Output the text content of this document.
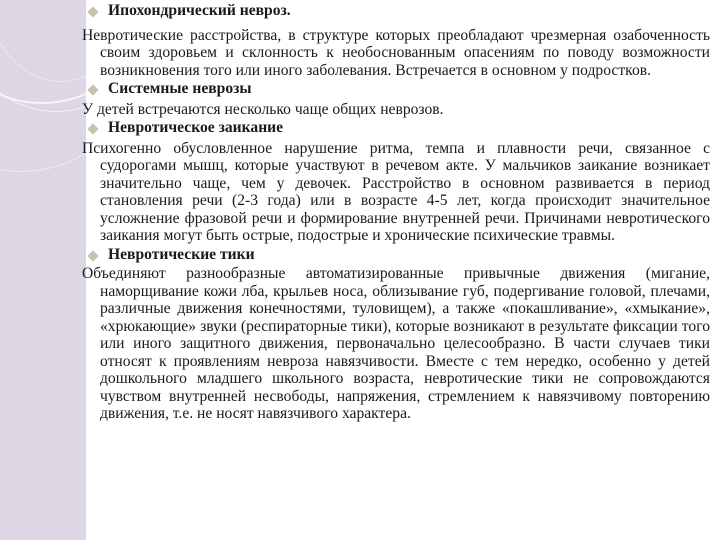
Ипохондрический невроз.

Невротические расстройства, в структуре которых преобладают чрезмерная озабоченность своим здоровьем и склонность к необоснованным опасениям по поводу возможности возникновения того или иного заболевания. Встречается в основном у подростков.

Системные неврозы

У детей встречаются несколько чаще общих неврозов.

Невротическое заикание

Психогенно обусловленное нарушение ритма, темпа и плавности речи, связанное с судорогами мышц, которые участвуют в речевом акте. У мальчиков заикание возникает значительно чаще, чем у девочек. Расстройство в основном развивается в период становления речи (2-3 года) или в возрасте 4-5 лет, когда происходит значительное усложнение фразовой речи и формирование внутренней речи. Причинами невротического заикания могут быть острые, подострые и хронические психические травмы.

Невротические тики

Объединяют разнообразные автоматизированные привычные движения (мигание, наморщивание кожи лба, крыльев носа, облизывание губ, подергивание головой, плечами, различные движения конечностями, туловищем), а также «покашливание», «хмыкание», «хрюкающие» звуки (респираторные тики), которые возникают в результате фиксации того или иного защитного движения, первоначально целесообразно. В части случаев тики относят к проявлениям невроза навязчивости. Вместе с тем нередко, особенно у детей дошкольного младшего школьного возраста, невротические тики не сопровождаются чувством внутренней несвободы, напряжения, стремлением к навязчивому повторению движения, т.е. не носят навязчивого характера.
